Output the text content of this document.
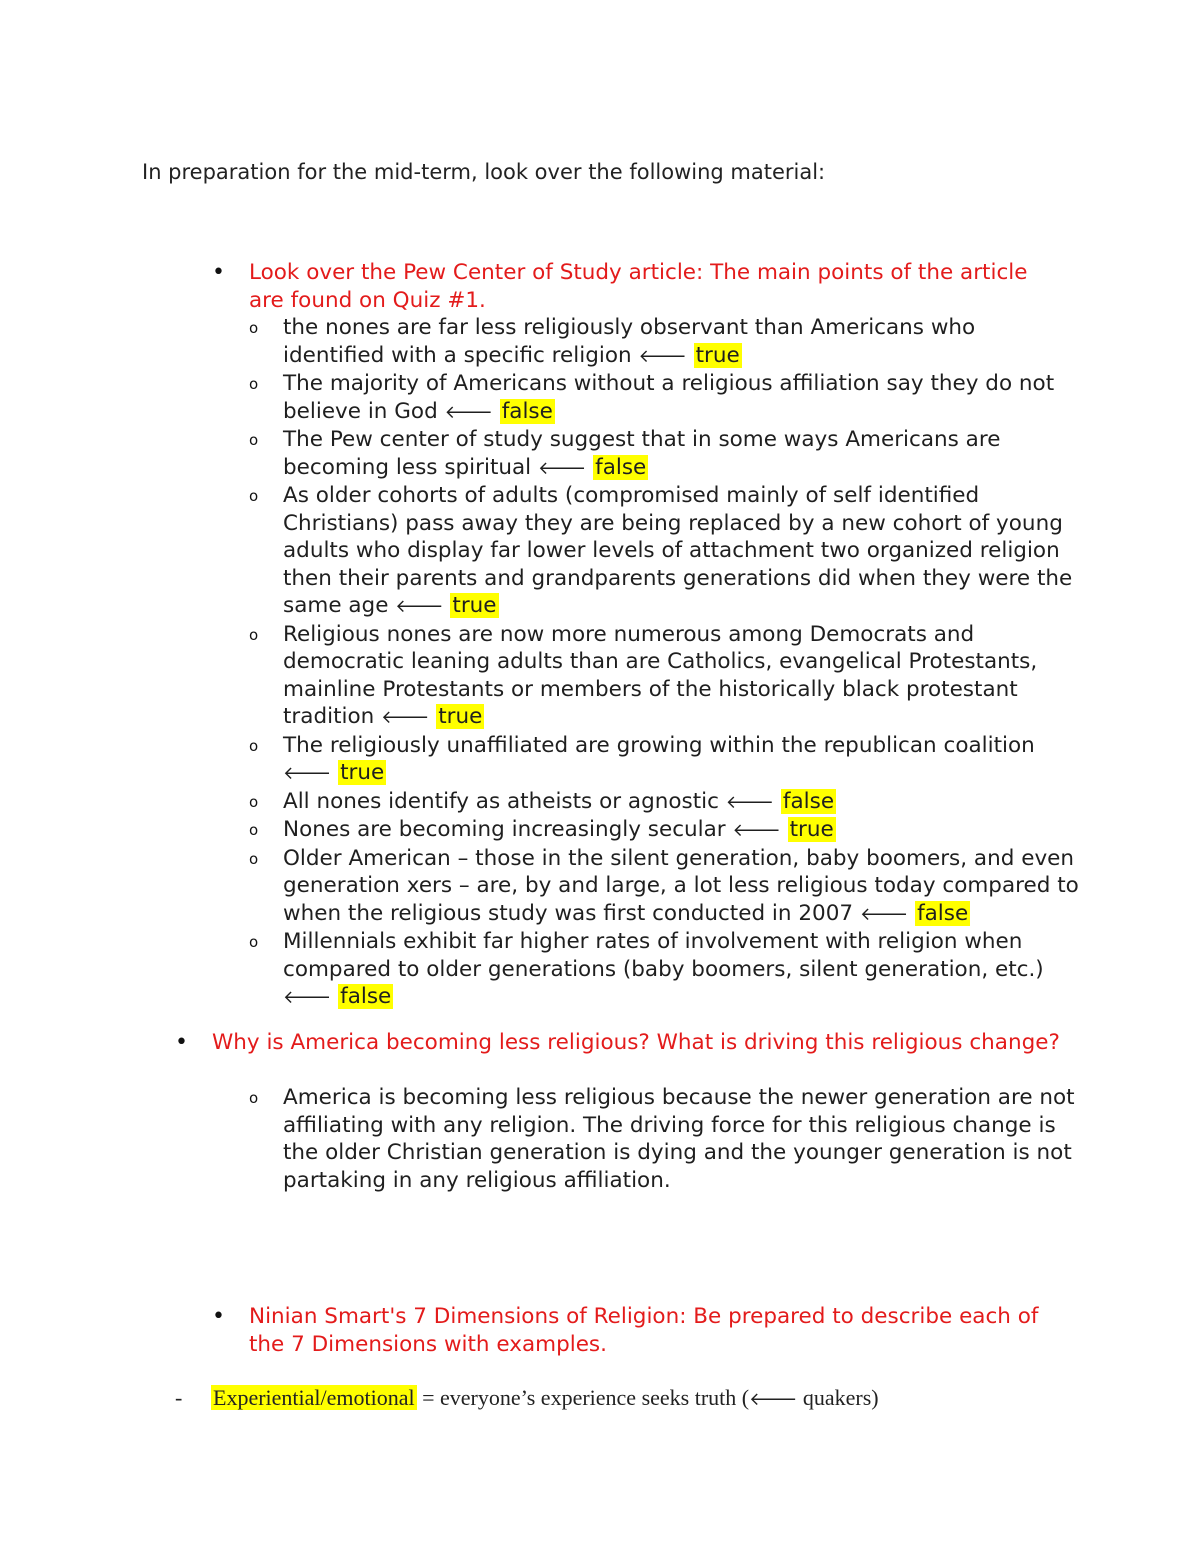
In preparation for the mid-term, look over the following material:
• Look over the Pew Center of Study article: The main points of the article are found on Quiz #1.
o the nones are far less religiously observant than Americans who identified with a specific religion 🡐 true
o The majority of Americans without a religious affiliation say they do not believe in God 🡐 false
o The Pew center of study suggest that in some ways Americans are becoming less spiritual 🡐 false
o As older cohorts of adults (compromised mainly of self identified Christians) pass away they are being replaced by a new cohort of young adults who display far lower levels of attachment two organized religion then their parents and grandparents generations did when they were the same age 🡐 true
o Religious nones are now more numerous among Democrats and democratic leaning adults than are Catholics, evangelical Protestants, mainline Protestants or members of the historically black protestant tradition 🡐 true
o The religiously unaffiliated are growing within the republican coalition 🡐 true
o All nones identify as atheists or agnostic 🡐 false
o Nones are becoming increasingly secular 🡐 true
o Older American – those in the silent generation, baby boomers, and even generation xers – are, by and large, a lot less religious today compared to when the religious study was first conducted in 2007 🡐 false
o Millennials exhibit far higher rates of involvement with religion when compared to older generations (baby boomers, silent generation, etc.) 🡐 false
• Why is America becoming less religious? What is driving this religious change?
o America is becoming less religious because the newer generation are not affiliating with any religion. The driving force for this religious change is the older Christian generation is dying and the younger generation is not partaking in any religious affiliation.
• Ninian Smart's 7 Dimensions of Religion: Be prepared to describe each of the 7 Dimensions with examples.
- Experiential/emotional = everyone’s experience seeks truth (🡐 quakers)
